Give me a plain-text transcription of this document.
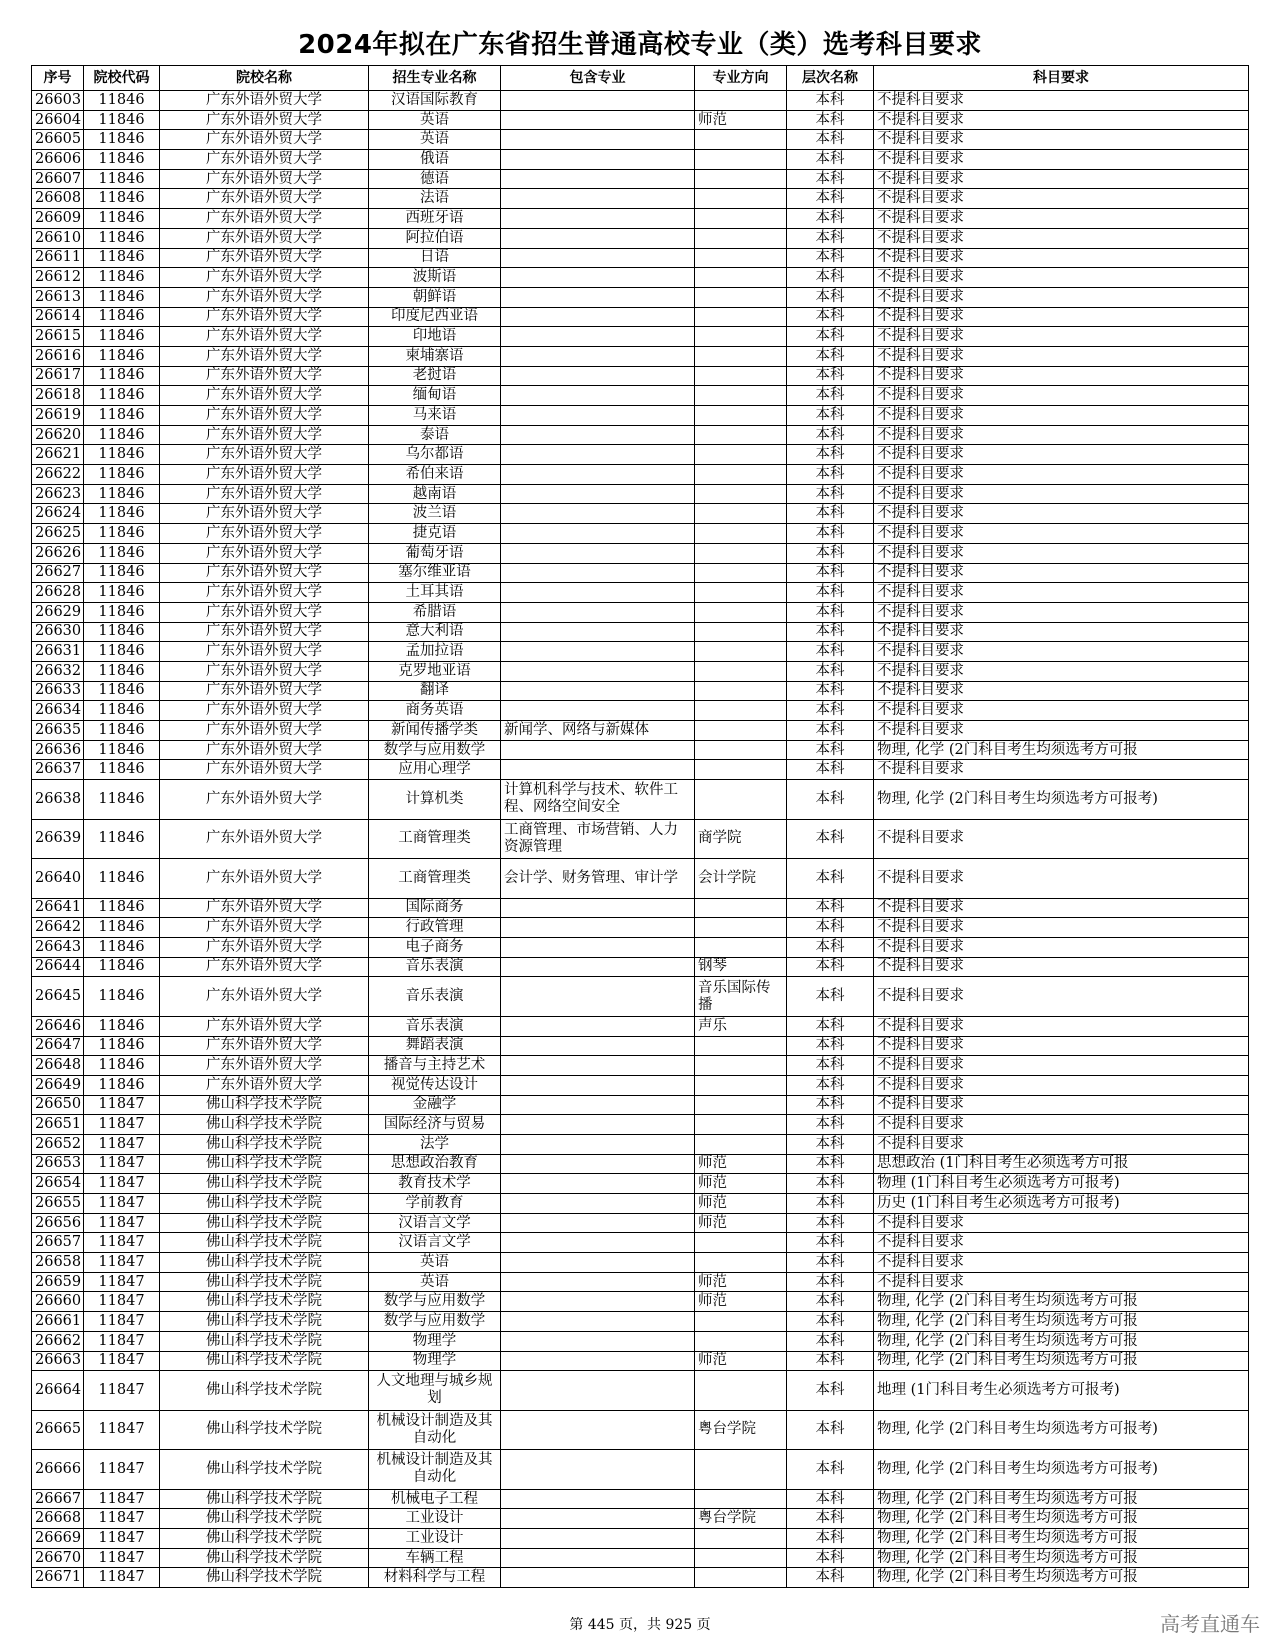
2024年拟在广东省招生普通高校专业（类）选考科目要求
序号	院校代码	院校名称	招生专业名称	包含专业	专业方向	层次名称	科目要求
26603	11846	广东外语外贸大学	汉语国际教育			本科	不提科目要求
26604	11846	广东外语外贸大学	英语		师范	本科	不提科目要求
26605	11846	广东外语外贸大学	英语			本科	不提科目要求
26606	11846	广东外语外贸大学	俄语			本科	不提科目要求
26607	11846	广东外语外贸大学	德语			本科	不提科目要求
26608	11846	广东外语外贸大学	法语			本科	不提科目要求
26609	11846	广东外语外贸大学	西班牙语			本科	不提科目要求
26610	11846	广东外语外贸大学	阿拉伯语			本科	不提科目要求
26611	11846	广东外语外贸大学	日语			本科	不提科目要求
26612	11846	广东外语外贸大学	波斯语			本科	不提科目要求
26613	11846	广东外语外贸大学	朝鲜语			本科	不提科目要求
26614	11846	广东外语外贸大学	印度尼西亚语			本科	不提科目要求
26615	11846	广东外语外贸大学	印地语			本科	不提科目要求
26616	11846	广东外语外贸大学	柬埔寨语			本科	不提科目要求
26617	11846	广东外语外贸大学	老挝语			本科	不提科目要求
26618	11846	广东外语外贸大学	缅甸语			本科	不提科目要求
26619	11846	广东外语外贸大学	马来语			本科	不提科目要求
26620	11846	广东外语外贸大学	泰语			本科	不提科目要求
26621	11846	广东外语外贸大学	乌尔都语			本科	不提科目要求
26622	11846	广东外语外贸大学	希伯来语			本科	不提科目要求
26623	11846	广东外语外贸大学	越南语			本科	不提科目要求
26624	11846	广东外语外贸大学	波兰语			本科	不提科目要求
26625	11846	广东外语外贸大学	捷克语			本科	不提科目要求
26626	11846	广东外语外贸大学	葡萄牙语			本科	不提科目要求
26627	11846	广东外语外贸大学	塞尔维亚语			本科	不提科目要求
26628	11846	广东外语外贸大学	土耳其语			本科	不提科目要求
26629	11846	广东外语外贸大学	希腊语			本科	不提科目要求
26630	11846	广东外语外贸大学	意大利语			本科	不提科目要求
26631	11846	广东外语外贸大学	孟加拉语			本科	不提科目要求
26632	11846	广东外语外贸大学	克罗地亚语			本科	不提科目要求
26633	11846	广东外语外贸大学	翻译			本科	不提科目要求
26634	11846	广东外语外贸大学	商务英语			本科	不提科目要求
26635	11846	广东外语外贸大学	新闻传播学类	新闻学、网络与新媒体		本科	不提科目要求
26636	11846	广东外语外贸大学	数学与应用数学			本科	物理, 化学 (2门科目考生均须选考方可报
26637	11846	广东外语外贸大学	应用心理学			本科	不提科目要求
26638	11846	广东外语外贸大学	计算机类	计算机科学与技术、软件工程、网络空间安全		本科	物理, 化学 (2门科目考生均须选考方可报考)
26639	11846	广东外语外贸大学	工商管理类	工商管理、市场营销、人力资源管理	商学院	本科	不提科目要求
26640	11846	广东外语外贸大学	工商管理类	会计学、财务管理、审计学	会计学院	本科	不提科目要求
26641	11846	广东外语外贸大学	国际商务			本科	不提科目要求
26642	11846	广东外语外贸大学	行政管理			本科	不提科目要求
26643	11846	广东外语外贸大学	电子商务			本科	不提科目要求
26644	11846	广东外语外贸大学	音乐表演		钢琴	本科	不提科目要求
26645	11846	广东外语外贸大学	音乐表演		音乐国际传播	本科	不提科目要求
26646	11846	广东外语外贸大学	音乐表演		声乐	本科	不提科目要求
26647	11846	广东外语外贸大学	舞蹈表演			本科	不提科目要求
26648	11846	广东外语外贸大学	播音与主持艺术			本科	不提科目要求
26649	11846	广东外语外贸大学	视觉传达设计			本科	不提科目要求
26650	11847	佛山科学技术学院	金融学			本科	不提科目要求
26651	11847	佛山科学技术学院	国际经济与贸易			本科	不提科目要求
26652	11847	佛山科学技术学院	法学			本科	不提科目要求
26653	11847	佛山科学技术学院	思想政治教育		师范	本科	思想政治 (1门科目考生必须选考方可报
26654	11847	佛山科学技术学院	教育技术学		师范	本科	物理 (1门科目考生必须选考方可报考)
26655	11847	佛山科学技术学院	学前教育		师范	本科	历史 (1门科目考生必须选考方可报考)
26656	11847	佛山科学技术学院	汉语言文学		师范	本科	不提科目要求
26657	11847	佛山科学技术学院	汉语言文学			本科	不提科目要求
26658	11847	佛山科学技术学院	英语			本科	不提科目要求
26659	11847	佛山科学技术学院	英语		师范	本科	不提科目要求
26660	11847	佛山科学技术学院	数学与应用数学		师范	本科	物理, 化学 (2门科目考生均须选考方可报
26661	11847	佛山科学技术学院	数学与应用数学			本科	物理, 化学 (2门科目考生均须选考方可报
26662	11847	佛山科学技术学院	物理学			本科	物理, 化学 (2门科目考生均须选考方可报
26663	11847	佛山科学技术学院	物理学		师范	本科	物理, 化学 (2门科目考生均须选考方可报
26664	11847	佛山科学技术学院	人文地理与城乡规划			本科	地理 (1门科目考生必须选考方可报考)
26665	11847	佛山科学技术学院	机械设计制造及其自动化		粤台学院	本科	物理, 化学 (2门科目考生均须选考方可报考)
26666	11847	佛山科学技术学院	机械设计制造及其自动化			本科	物理, 化学 (2门科目考生均须选考方可报考)
26667	11847	佛山科学技术学院	机械电子工程			本科	物理, 化学 (2门科目考生均须选考方可报
26668	11847	佛山科学技术学院	工业设计		粤台学院	本科	物理, 化学 (2门科目考生均须选考方可报
26669	11847	佛山科学技术学院	工业设计			本科	物理, 化学 (2门科目考生均须选考方可报
26670	11847	佛山科学技术学院	车辆工程			本科	物理, 化学 (2门科目考生均须选考方可报
26671	11847	佛山科学技术学院	材料科学与工程			本科	物理, 化学 (2门科目考生均须选考方可报
第 445 页，共 925 页	高考直通车
